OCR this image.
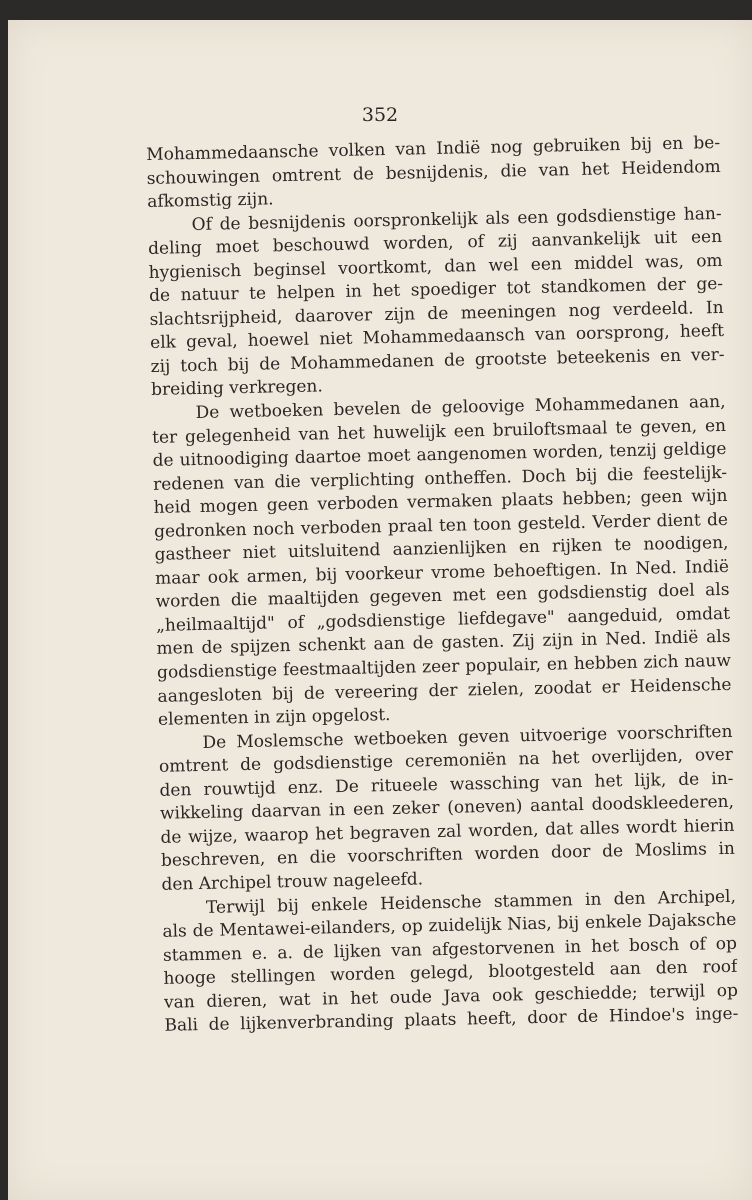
352
Mohammedaansche volken van Indië nog gebruiken bij en be-
schouwingen omtrent de besnijdenis, die van het Heidendom
afkomstig zijn.
Of de besnijdenis oorspronkelijk als een godsdienstige han-
deling moet beschouwd worden, of zij aanvankelijk uit een
hygienisch beginsel voortkomt, dan wel een middel was, om
de natuur te helpen in het spoediger tot standkomen der ge-
slachtsrijpheid, daarover zijn de meeningen nog verdeeld. In
elk geval, hoewel niet Mohammedaansch van oorsprong, heeft
zij toch bij de Mohammedanen de grootste beteekenis en ver-
breiding verkregen.
De wetboeken bevelen de geloovige Mohammedanen aan,
ter gelegenheid van het huwelijk een bruiloftsmaal te geven, en
de uitnoodiging daartoe moet aangenomen worden, tenzij geldige
redenen van die verplichting ontheffen. Doch bij die feestelijk-
heid mogen geen verboden vermaken plaats hebben; geen wijn
gedronken noch verboden praal ten toon gesteld. Verder dient de
gastheer niet uitsluitend aanzienlijken en rijken te noodigen,
maar ook armen, bij voorkeur vrome behoeftigen. In Ned. Indië
worden die maaltijden gegeven met een godsdienstig doel als
„heilmaaltijd" of „godsdienstige liefdegave" aangeduid, omdat
men de spijzen schenkt aan de gasten. Zij zijn in Ned. Indië als
godsdienstige feestmaaltijden zeer populair, en hebben zich nauw
aangesloten bij de vereering der zielen, zoodat er Heidensche
elementen in zijn opgelost.
De Moslemsche wetboeken geven uitvoerige voorschriften
omtrent de godsdienstige ceremoniën na het overlijden, over
den rouwtijd enz. De ritueele wassching van het lijk, de in-
wikkeling daarvan in een zeker (oneven) aantal doodskleederen,
de wijze, waarop het begraven zal worden, dat alles wordt hierin
beschreven, en die voorschriften worden door de Moslims in
den Archipel trouw nageleefd.
Terwijl bij enkele Heidensche stammen in den Archipel,
als de Mentawei-eilanders, op zuidelijk Nias, bij enkele Dajaksche
stammen e. a. de lijken van afgestorvenen in het bosch of op
hooge stellingen worden gelegd, blootgesteld aan den roof
van dieren, wat in het oude Java ook geschiedde; terwijl op
Bali de lijkenverbranding plaats heeft, door de Hindoe's inge-
